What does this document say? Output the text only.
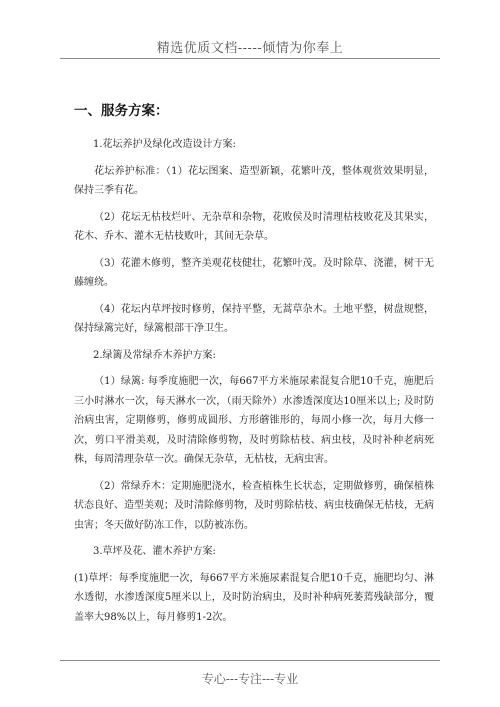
精选优质文档-----倾情为你奉上
一、服务方案：
1.花坛养护及绿化改造设计方案:
花坛养护标准：（1）花坛图案、造型新颖，花繁叶茂，整体观赏效果明显，保持三季有花。
（2）花坛无枯枝烂叶、无杂草和杂物，花败侯及时清理枯枝败花及其果实，花木、乔木、灌木无枯枝败叶，其间无杂草。
（3）花灌木修剪，整齐美观花枝健壮，花繁叶茂。及时除草、浇灌，树干无藤缠绕。
（4）花坛内草坪按时修剪，保持平整，无蒿草杂木。土地平整，树盘规整，保持绿篱完好，绿篱根部干净卫生。
2.绿篱及常绿乔木养护方案:
（1）绿篱: 每季度施肥一次，每667平方米施尿素混复合肥10千克，施肥后三小时淋水一次，每天淋水一次，（雨天除外）水渗透深度达10厘米以上; 及时防治病虫害，定期修剪，修剪成圆形、方形蘑锥形的，每周小修一次，每月大修一次，剪口平滑美观，及时清除修剪物，及时剪除枯枝、病虫枝，及时补种老病死株，每周清理杂草一次。确保无杂草，无枯枝，无病虫害。
（2）常绿乔木：定期施肥浇水，检查植株生长状态，定期做修剪，确保植株状态良好、造型美观；及时清除修剪物，及时剪除枯枝、病虫枝确保无枯枝，无病虫害；冬天做好防冻工作，以防被冻伤。
3.草坪及花、灌木养护方案:
(1)草坪：每季度施肥一次，每667平方米施尿素混复合肥10千克，施肥均匀、淋水透彻，水渗透深度5厘米以上，及时防治病虫，及时补种病死萎蔫残缺部分，覆盖率大98%以上，每月修剪1-2次。
专心---专注---专业
